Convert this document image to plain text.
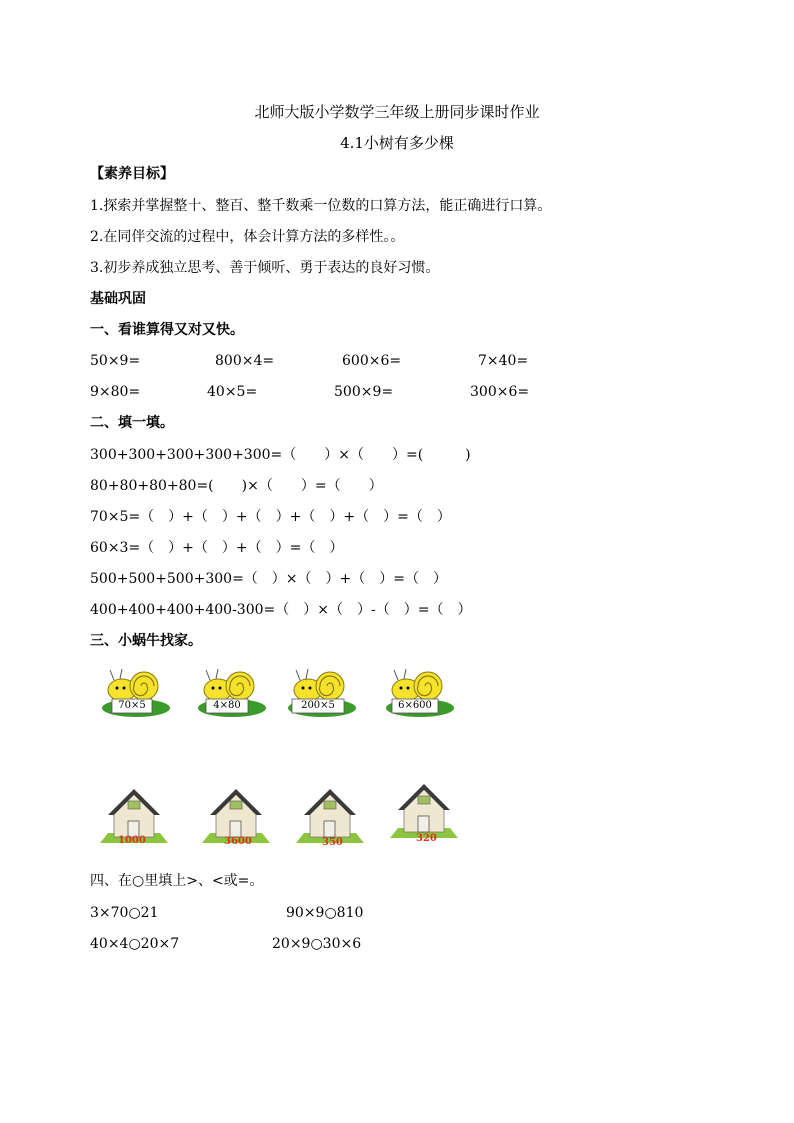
北师大版小学数学三年级上册同步课时作业
4.1小树有多少棵
【素养目标】
1.探索并掌握整十、整百、整千数乘一位数的口算方法，能正确进行口算。
2.在同伴交流的过程中，体会计算方法的多样性。。
3.初步养成独立思考、善于倾听、勇于表达的良好习惯。
基础巩固
一、看谁算得又对又快。
50×9=	800×4=	600×6=	7×40=
9×80=	40×5=	500×9=	300×6=
二、填一填。
300+300+300+300+300=（　　）×（　　）=(　　　)
80+80+80+80=(　　)×（　　）=（　　）
70×5=（　）+（　）+（　）+（　）+（　）=（　）
60×3=（　）+（　）+（　）=（　）
500+500+500+300=（　）×（　）+（　）=（　）
400+400+400+400-300=（　）×（　）-（　）=（　）
三、小蜗牛找家。
70×5	4×80	200×5	6×600
1000	3600	350	320
四、在○里填上>、<或=。
3×70○21	90×9○810
40×4○20×7	20×9○30×6
